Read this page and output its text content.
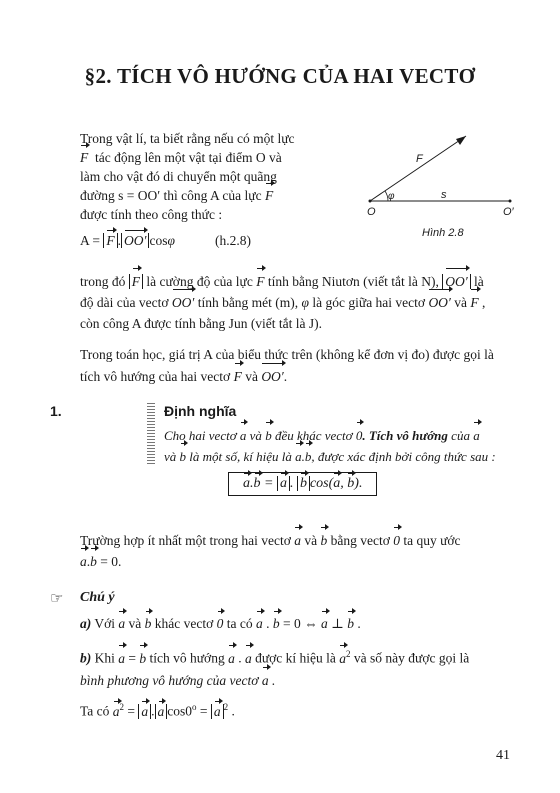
§2. TÍCH VÔ HƯỚNG CỦA HAI VECTƠ
Trong vật lí, ta biết rằng nếu có một lực
F tác động lên một vật tại điểm O và
làm cho vật đó di chuyển một quãng
đường s = OO′ thì công A của lực F
được tính theo công thức :
A = F . OO′ cosφ	(h.2.8)
F
φ	s
O	O′
Hình 2.8
trong đó F là cường độ của lực F tính bằng Niutơn (viết tắt là N), OO′ là
độ dài của vectơ OO′ tính bằng mét (m), φ là góc giữa hai vectơ OO′ và F ,
còn công A được tính bằng Jun (viết tắt là J).
Trong toán học, giá trị A của biểu thức trên (không kể đơn vị đo) được gọi là
tích vô hướng của hai vectơ F và OO′.
1.	Định nghĩa
Cho hai vectơ a và b đều khác vectơ 0. Tích vô hướng của a
và b là một số, kí hiệu là a.b, được xác định bởi công thức sau :
a.b = a . b cos(a, b).
Trường hợp ít nhất một trong hai vectơ a và b bằng vectơ 0 ta quy ước
a.b = 0.
☞ Chú ý
a) Với a và b khác vectơ 0 ta có a . b = 0 ⇔ a ⊥ b .
b) Khi a = b tích vô hướng a . a được kí hiệu là $a^2$ và số này được gọi là
bình phương vô hướng của vectơ a .
Ta có $a^2 = a$ . a $\cos 0^o = a$ $^2$ .
41
